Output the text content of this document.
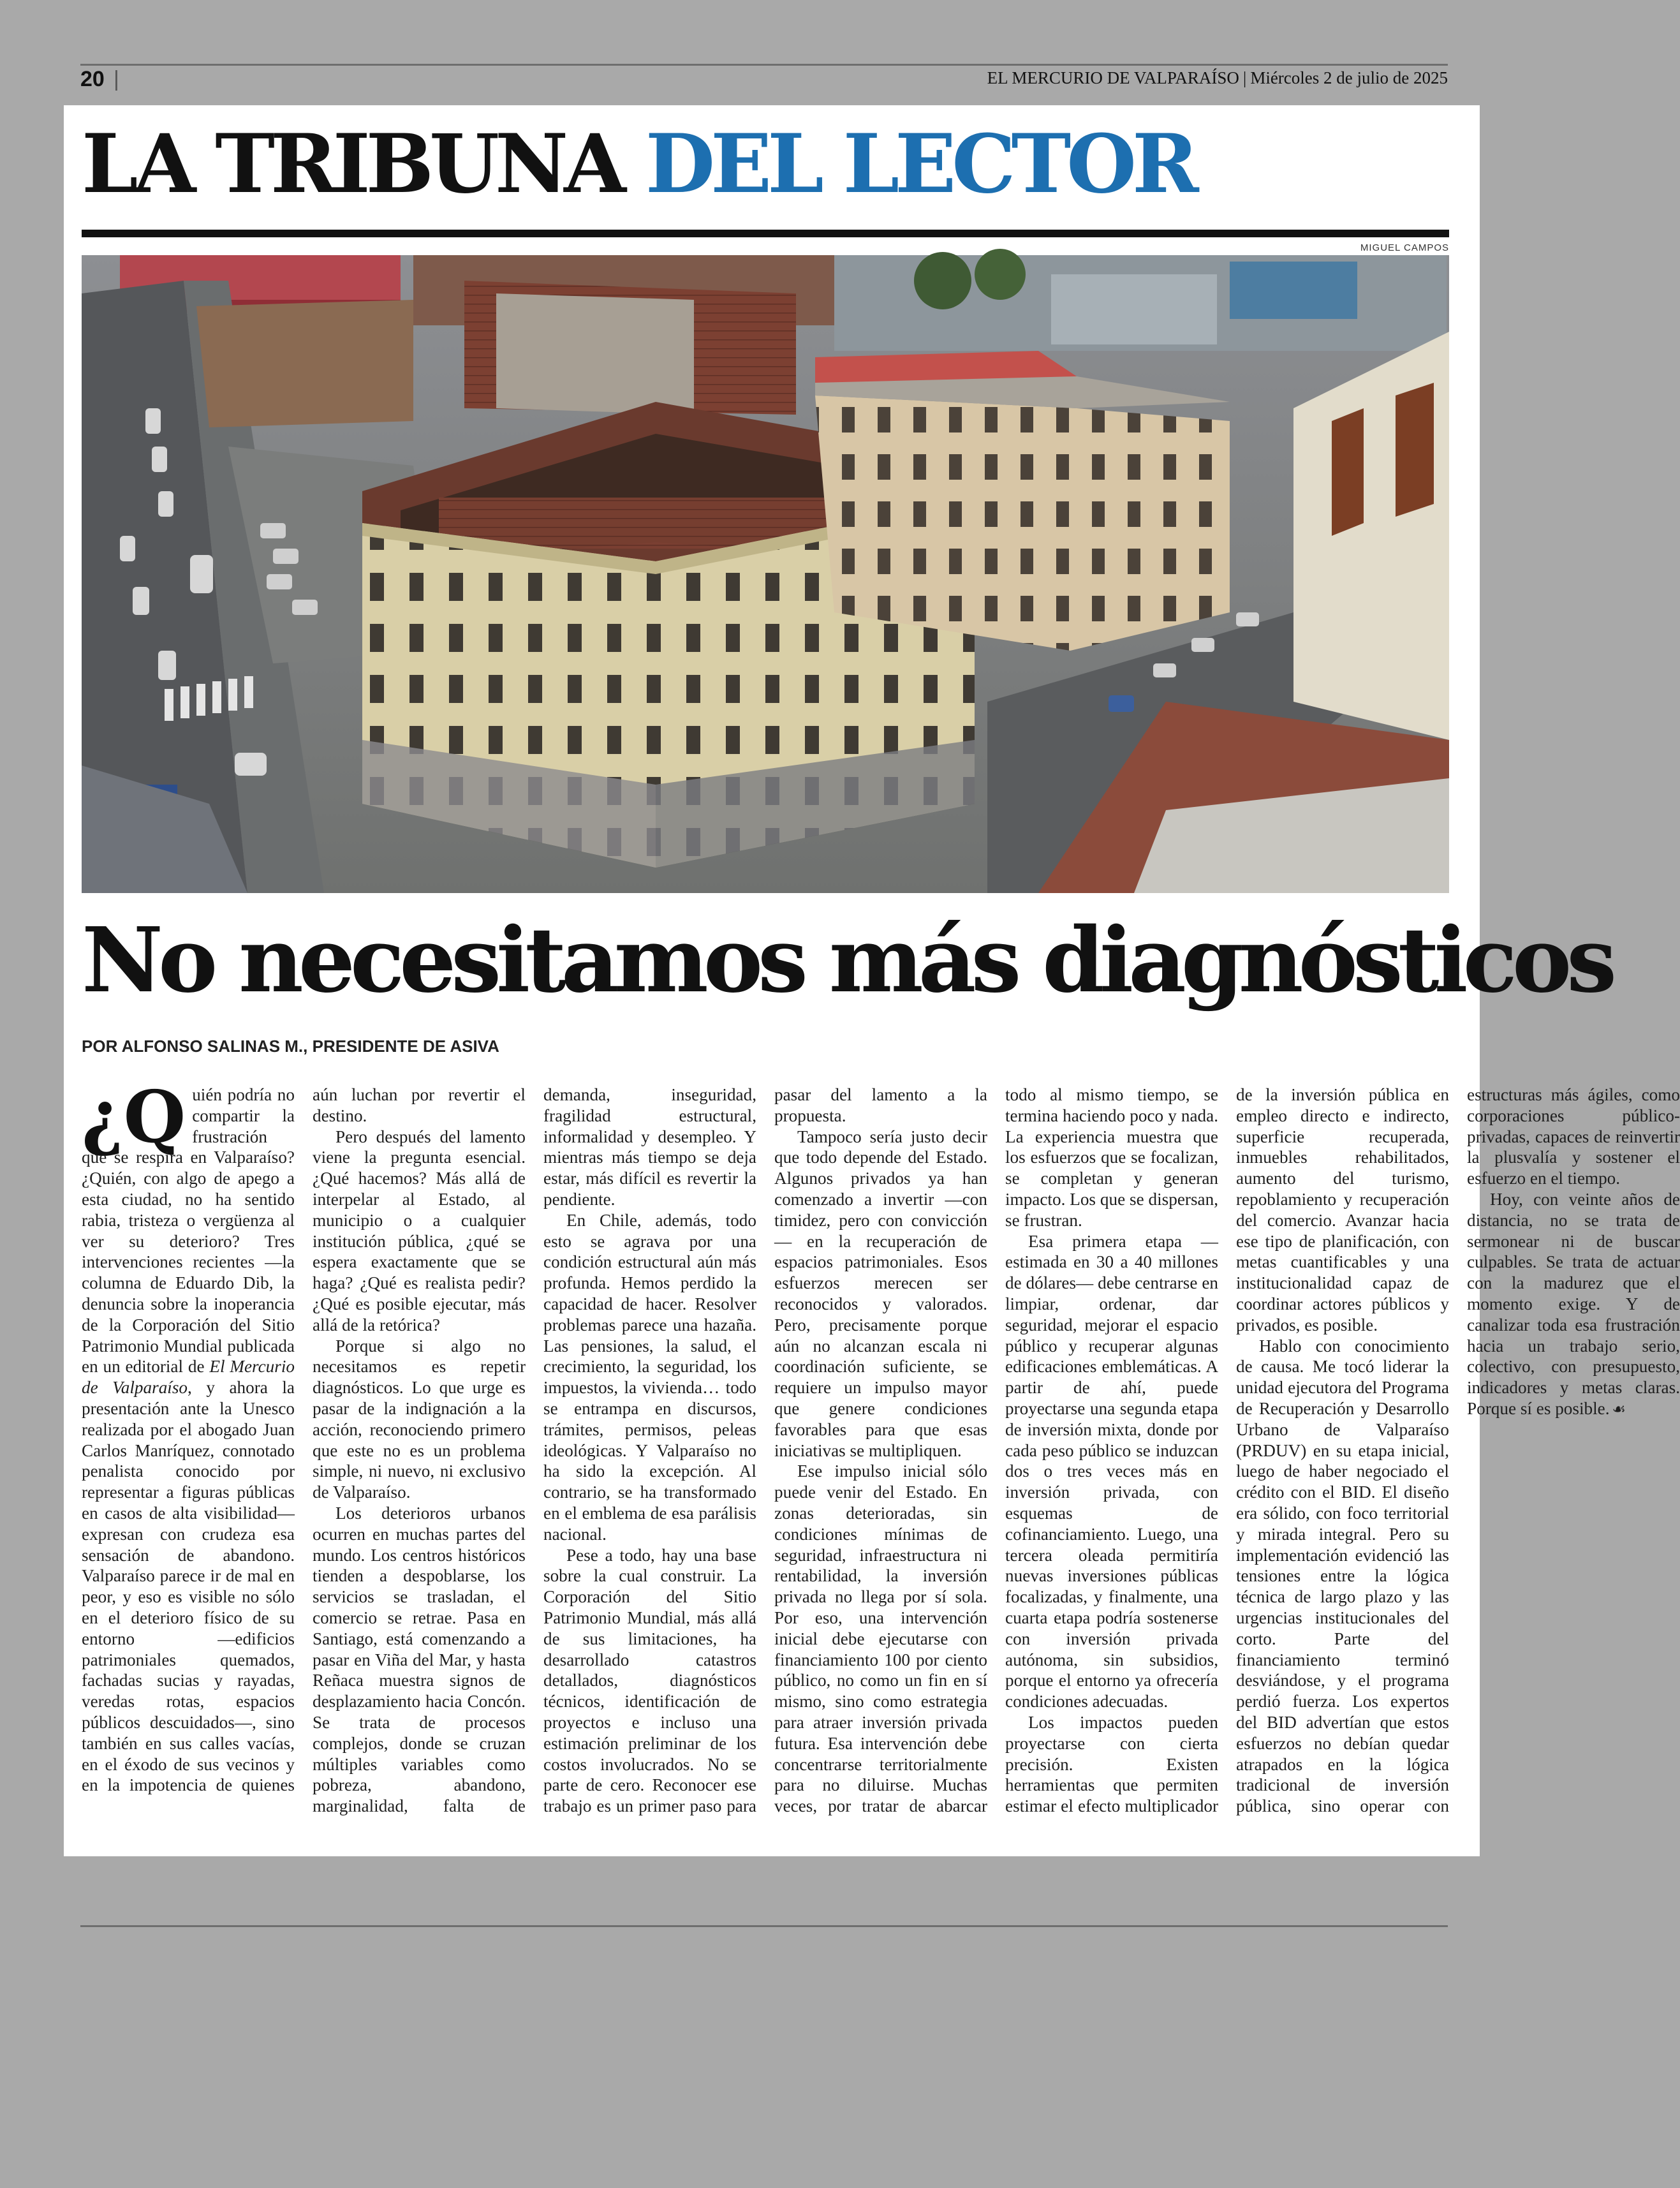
20 |	EL MERCURIO DE VALPARAÍSO | Miércoles 2 de julio de 2025
LA TRIBUNA DEL LECTOR
MIGUEL CAMPOS
No necesitamos más diagnósticos
POR ALFONSO SALINAS M., PRESIDENTE DE ASIVA

¿Q uién podría no compartir la frustración que se respira en Valparaíso? ¿Quién, con algo de apego a esta ciudad, no ha sentido rabia, tristeza o vergüenza al ver su deterioro? Tres intervenciones recientes —la columna de Eduardo Dib, la denuncia sobre la inoperancia de la Corporación del Sitio Patrimonio Mundial publicada en un editorial de El Mercurio de Valparaíso, y ahora la presentación ante la Unesco realizada por el abogado Juan Carlos Manríquez, connotado penalista conocido por representar a figuras públicas en casos de alta visibilidad— expresan con crudeza esa sensación de abandono. Valparaíso parece ir de mal en peor, y eso es visible no sólo en el deterioro físico de su entorno —edificios patrimoniales quemados, fachadas sucias y rayadas, veredas rotas, espacios públicos descuidados—, sino también en sus calles vacías, en el éxodo de sus vecinos y en la impotencia de quienes aún luchan por revertir el destino.

Pero después del lamento viene la pregunta esencial. ¿Qué hacemos? Más allá de interpelar al Estado, al municipio o a cualquier institución pública, ¿qué se espera exactamente que se haga? ¿Qué es realista pedir? ¿Qué es posible ejecutar, más allá de la retórica?

Porque si algo no necesitamos es repetir diagnósticos. Lo que urge es pasar de la indignación a la acción, reconociendo primero que este no es un problema simple, ni nuevo, ni exclusivo de Valparaíso.

Los deterioros urbanos ocurren en muchas partes del mundo. Los centros históricos tienden a despoblarse, los servicios se trasladan, el comercio se retrae. Pasa en Santiago, está comenzando a pasar en Viña del Mar, y hasta Reñaca muestra signos de desplazamiento hacia Concón. Se trata de procesos complejos, donde se cruzan múltiples variables como pobreza, abandono, marginalidad, falta de demanda, inseguridad, fragilidad estructural, informalidad y desempleo. Y mientras más tiempo se deja estar, más difícil es revertir la pendiente.

En Chile, además, todo esto se agrava por una condición estructural aún más profunda. Hemos perdido la capacidad de hacer. Resolver problemas parece una hazaña. Las pensiones, la salud, el crecimiento, la seguridad, los impuestos, la vivienda… todo se entrampa en discursos, trámites, permisos, peleas ideológicas. Y Valparaíso no ha sido la excepción. Al contrario, se ha transformado en el emblema de esa parálisis nacional.

Pese a todo, hay una base sobre la cual construir. La Corporación del Sitio Patrimonio Mundial, más allá de sus limitaciones, ha desarrollado catastros detallados, diagnósticos técnicos, identificación de proyectos e incluso una estimación preliminar de los costos involucrados. No se parte de cero. Reconocer ese trabajo es un primer paso para pasar del lamento a la propuesta.

Tampoco sería justo decir que todo depende del Estado. Algunos privados ya han comenzado a invertir —con timidez, pero con convicción— en la recuperación de espacios patrimoniales. Esos esfuerzos merecen ser reconocidos y valorados. Pero, precisamente porque aún no alcanzan escala ni coordinación suficiente, se requiere un impulso mayor que genere condiciones favorables para que esas iniciativas se multipliquen.

Ese impulso inicial sólo puede venir del Estado. En zonas deterioradas, sin condiciones mínimas de seguridad, infraestructura ni rentabilidad, la inversión privada no llega por sí sola. Por eso, una intervención inicial debe ejecutarse con financiamiento 100 por ciento público, no como un fin en sí mismo, sino como estrategia para atraer inversión privada futura. Esa intervención debe concentrarse territorialmente para no diluirse. Muchas veces, por tratar de abarcar todo al mismo tiempo, se termina haciendo poco y nada. La experiencia muestra que los esfuerzos que se focalizan, se completan y generan impacto. Los que se dispersan, se frustran.

Esa primera etapa —estimada en 30 a 40 millones de dólares— debe centrarse en limpiar, ordenar, dar seguridad, mejorar el espacio público y recuperar algunas edificaciones emblemáticas. A partir de ahí, puede proyectarse una segunda etapa de inversión mixta, donde por cada peso público se induzcan dos o tres veces más en inversión privada, con esquemas de cofinanciamiento. Luego, una tercera oleada permitiría nuevas inversiones públicas focalizadas, y finalmente, una cuarta etapa podría sostenerse con inversión privada autónoma, sin subsidios, porque el entorno ya ofrecería condiciones adecuadas.

Los impactos pueden proyectarse con cierta precisión. Existen herramientas que permiten estimar el efecto multiplicador de la inversión pública en empleo directo e indirecto, superficie recuperada, inmuebles rehabilitados, aumento del turismo, repoblamiento y recuperación del comercio. Avanzar hacia ese tipo de planificación, con metas cuantificables y una institucionalidad capaz de coordinar actores públicos y privados, es posible.

Hablo con conocimiento de causa. Me tocó liderar la unidad ejecutora del Programa de Recuperación y Desarrollo Urbano de Valparaíso (PRDUV) en su etapa inicial, luego de haber negociado el crédito con el BID. El diseño era sólido, con foco territorial y mirada integral. Pero su implementación evidenció las tensiones entre la lógica técnica de largo plazo y las urgencias institucionales del corto. Parte del financiamiento terminó desviándose, y el programa perdió fuerza. Los expertos del BID advertían que estos esfuerzos no debían quedar atrapados en la lógica tradicional de inversión pública, sino operar con estructuras más ágiles, como corporaciones público-privadas, capaces de reinvertir la plusvalía y sostener el esfuerzo en el tiempo.

Hoy, con veinte años de distancia, no se trata de sermonear ni de buscar culpables. Se trata de actuar con la madurez que el momento exige. Y de canalizar toda esa frustración hacia un trabajo serio, colectivo, con presupuesto, indicadores y metas claras. Porque sí es posible. ☙
